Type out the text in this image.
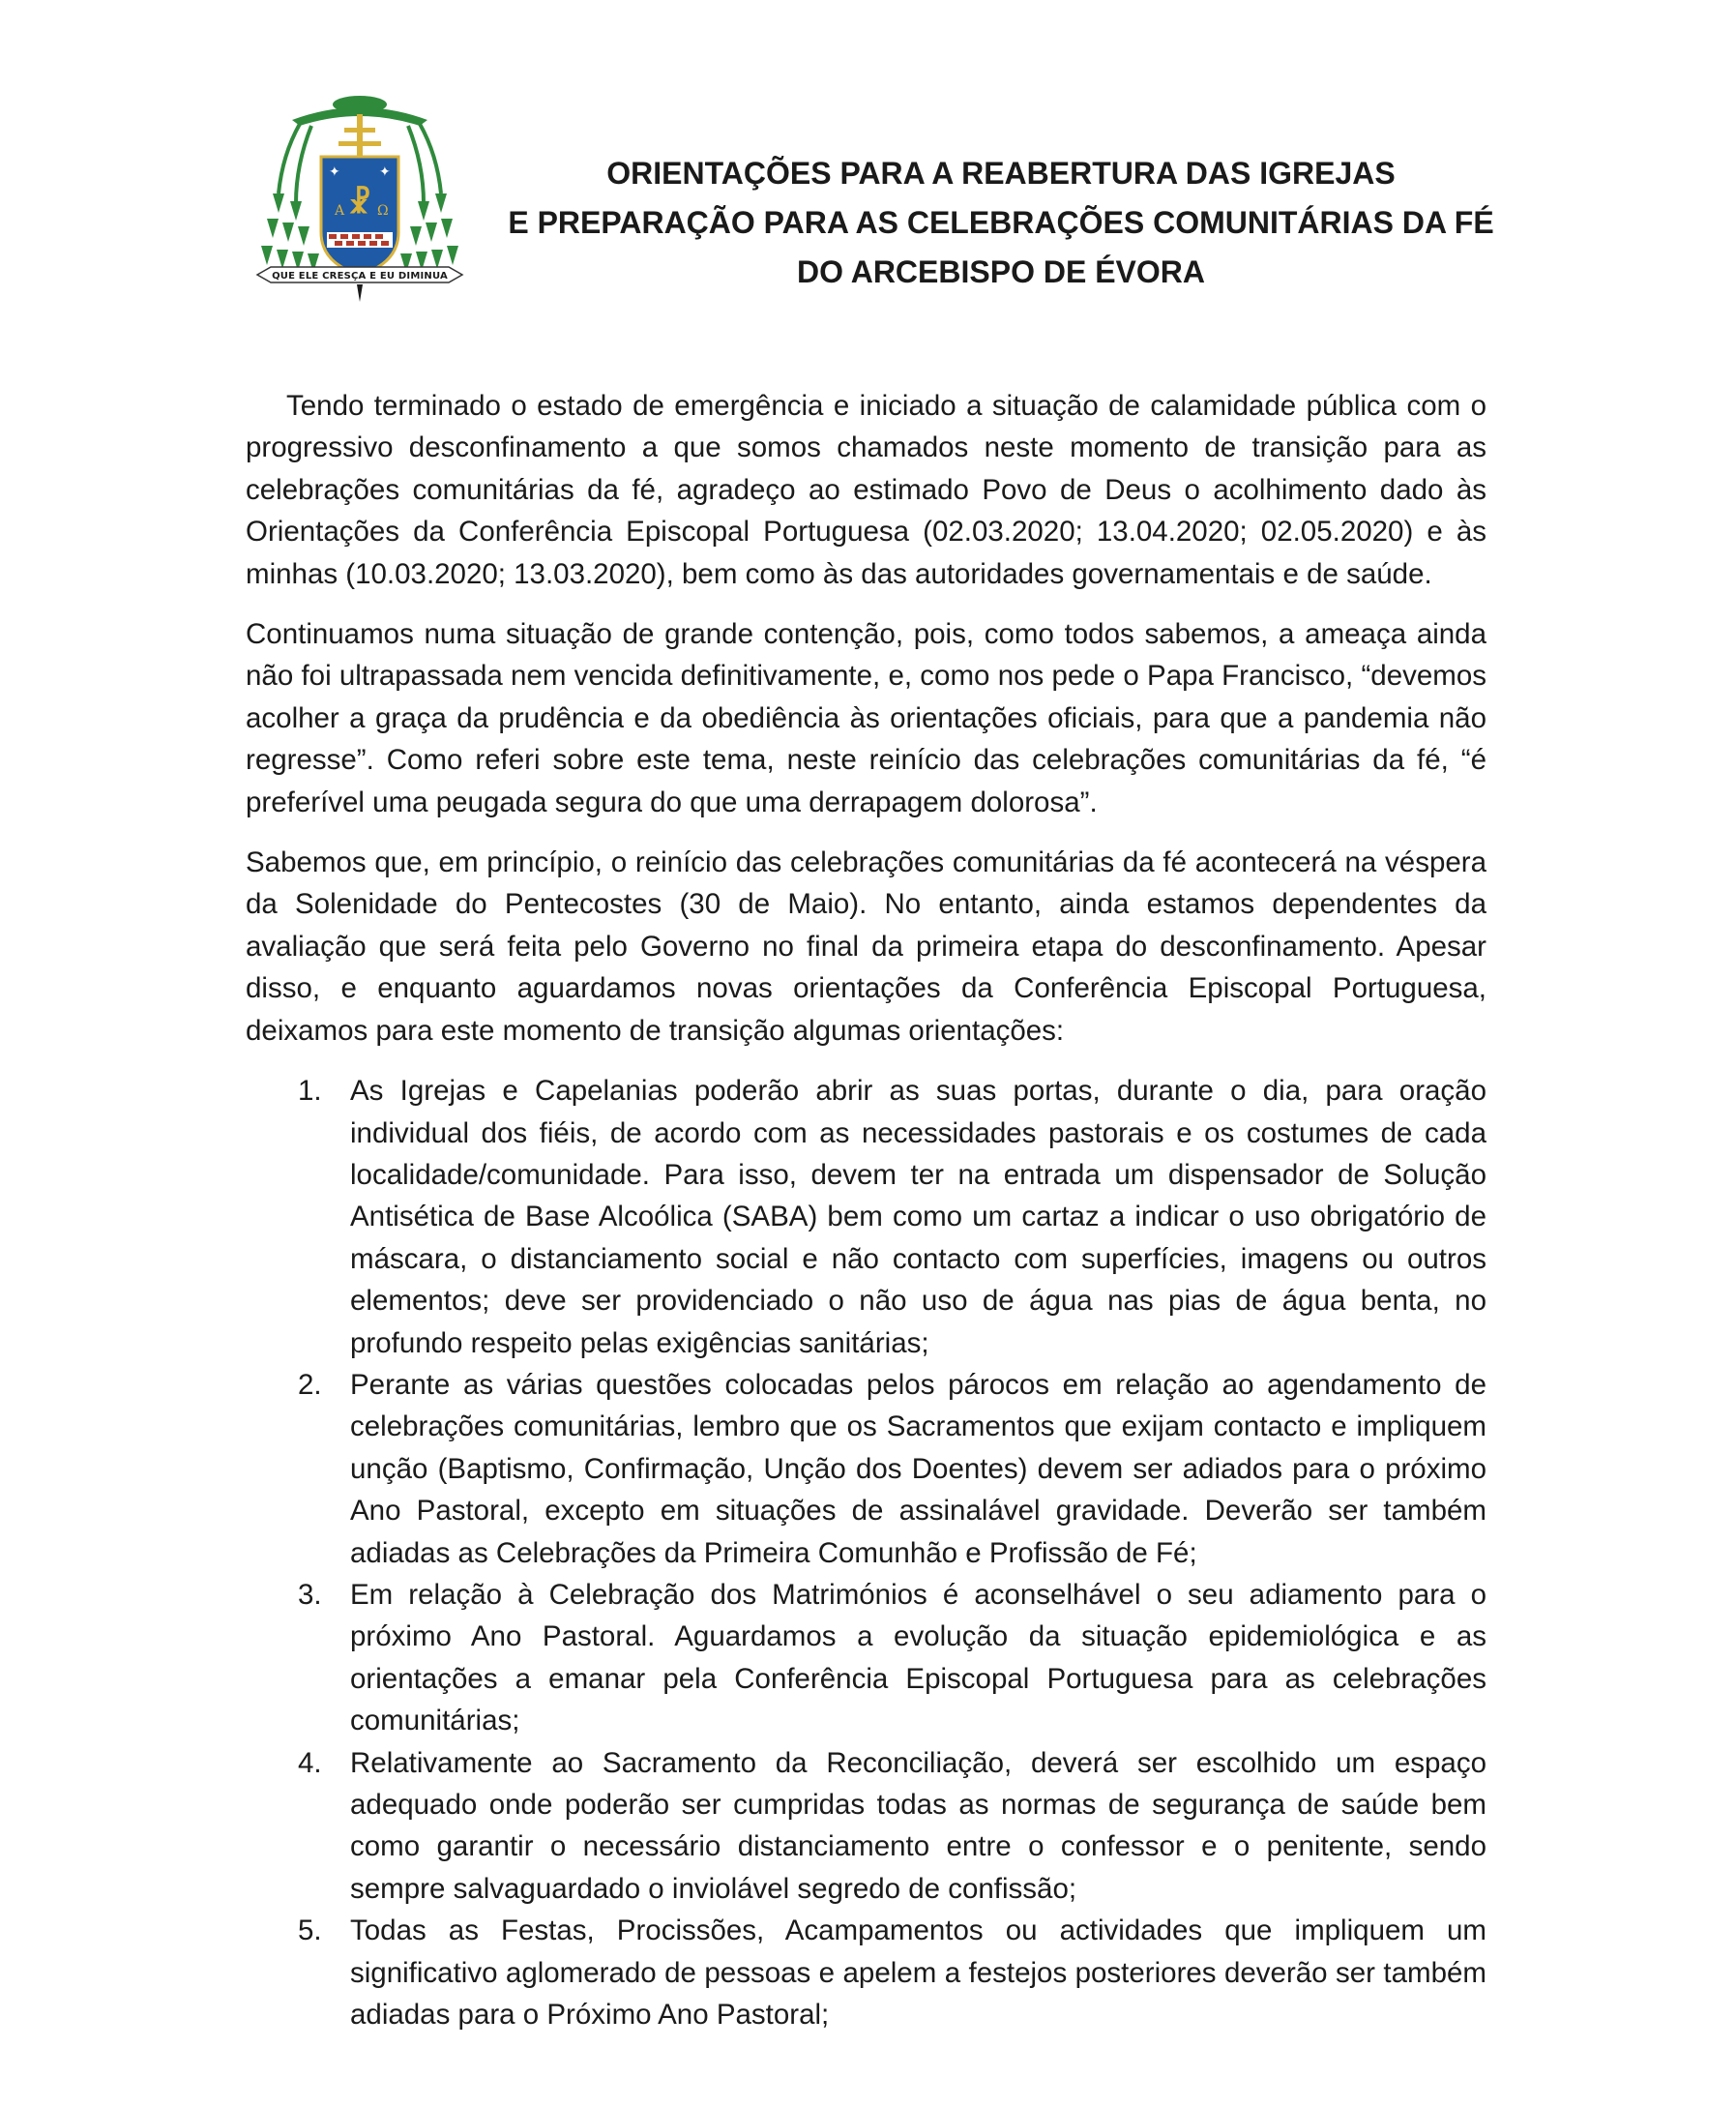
✦	✦
☧
A Ω
QUE ELE CRESÇA E EU DIMINUA
ORIENTAÇÕES PARA A REABERTURA DAS IGREJAS
E PREPARAÇÃO PARA AS CELEBRAÇÕES COMUNITÁRIAS DA FÉ
DO ARCEBISPO DE ÉVORA

Tendo terminado o estado de emergência e iniciado a situação de calamidade pública com o progressivo desconfinamento a que somos chamados neste momento de transição para as celebrações comunitárias da fé, agradeço ao estimado Povo de Deus o acolhimento dado às Orientações da Conferência Episcopal Portuguesa (02.03.2020; 13.04.2020; 02.05.2020) e às minhas (10.03.2020; 13.03.2020), bem como às das autoridades governamentais e de saúde.

Continuamos numa situação de grande contenção, pois, como todos sabemos, a ameaça ainda não foi ultrapassada nem vencida definitivamente, e, como nos pede o Papa Francisco, “devemos acolher a graça da prudência e da obediência às orientações oficiais, para que a pandemia não regresse”. Como referi sobre este tema, neste reinício das celebrações comunitárias da fé, “é preferível uma peugada segura do que uma derrapagem dolorosa”.

Sabemos que, em princípio, o reinício das celebrações comunitárias da fé acontecerá na véspera da Solenidade do Pentecostes (30 de Maio). No entanto, ainda estamos dependentes da avaliação que será feita pelo Governo no final da primeira etapa do desconfinamento. Apesar disso, e enquanto aguardamos novas orientações da Conferência Episcopal Portuguesa, deixamos para este momento de transição algumas orientações:

1. As Igrejas e Capelanias poderão abrir as suas portas, durante o dia, para oração individual dos fiéis, de acordo com as necessidades pastorais e os costumes de cada localidade/comunidade. Para isso, devem ter na entrada um dispensador de Solução Antisética de Base Alcoólica (SABA) bem como um cartaz a indicar o uso obrigatório de máscara, o distanciamento social e não contacto com superfícies, imagens ou outros elementos; deve ser providenciado o não uso de água nas pias de água benta, no profundo respeito pelas exigências sanitárias;
2. Perante as várias questões colocadas pelos párocos em relação ao agendamento de celebrações comunitárias, lembro que os Sacramentos que exijam contacto e impliquem unção (Baptismo, Confirmação, Unção dos Doentes) devem ser adiados para o próximo Ano Pastoral, excepto em situações de assinalável gravidade. Deverão ser também adiadas as Celebrações da Primeira Comunhão e Profissão de Fé;
3. Em relação à Celebração dos Matrimónios é aconselhável o seu adiamento para o próximo Ano Pastoral. Aguardamos a evolução da situação epidemiológica e as orientações a emanar pela Conferência Episcopal Portuguesa para as celebrações comunitárias;
4. Relativamente ao Sacramento da Reconciliação, deverá ser escolhido um espaço adequado onde poderão ser cumpridas todas as normas de segurança de saúde bem como garantir o necessário distanciamento entre o confessor e o penitente, sendo sempre salvaguardado o inviolável segredo de confissão;
5. Todas as Festas, Procissões, Acampamentos ou actividades que impliquem um significativo aglomerado de pessoas e apelem a festejos posteriores deverão ser também adiadas para o Próximo Ano Pastoral;
